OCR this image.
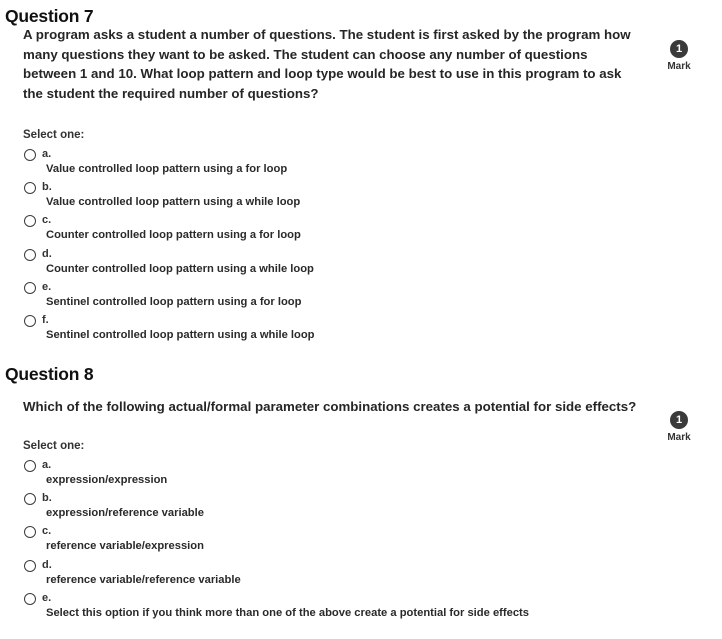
Question 7

A program asks a student a number of questions. The student is first asked by the program how many questions they want to be asked. The student can choose any number of questions between 1 and 10. What loop pattern and loop type would be best to use in this program to ask the student the required number of questions?

1
Mark

Select one:

a.
Value controlled loop pattern using a for loop
b.
Value controlled loop pattern using a while loop
c.
Counter controlled loop pattern using a for loop
d.
Counter controlled loop pattern using a while loop
e.
Sentinel controlled loop pattern using a for loop
f.
Sentinel controlled loop pattern using a while loop
Question 8

Which of the following actual/formal parameter combinations creates a potential for side effects?

1
Mark

Select one:

a.
expression/expression
b.
expression/reference variable
c.
reference variable/expression
d.
reference variable/reference variable
e.
Select this option if you think more than one of the above create a potential for side effects
